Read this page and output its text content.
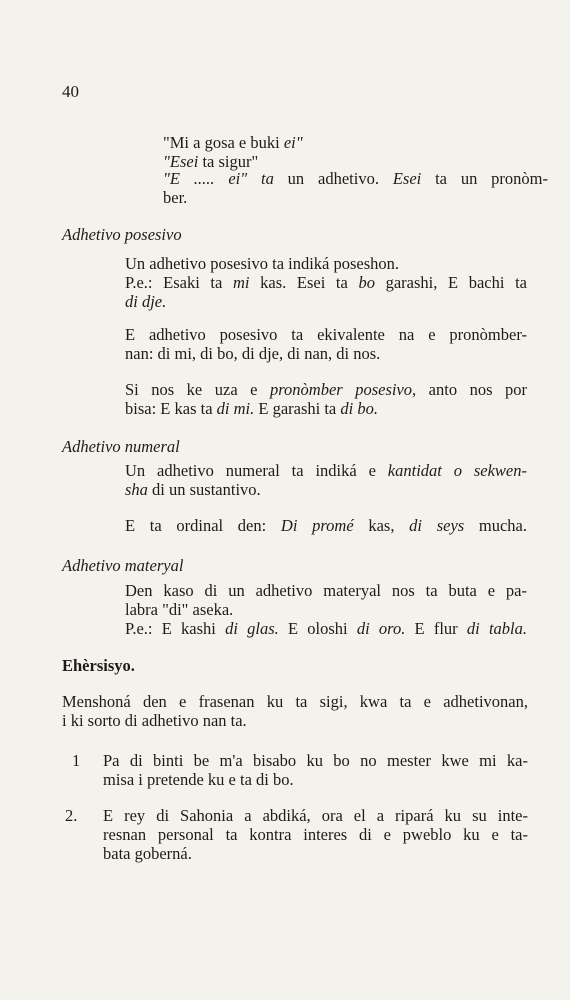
40
"Mi a gosa e buki ei"
"Esei ta sigur"
"E ..... ei" ta un adhetivo. Esei ta un pronòm-
ber.
Adhetivo posesivo
Un adhetivo posesivo ta indiká poseshon.
P.e.: Esaki ta mi kas. Esei ta bo garashi, E bachi ta
di dje.
E adhetivo posesivo ta ekivalente na e pronòmber-
nan: di mi, di bo, di dje, di nan, di nos.
Si nos ke uza e pronòmber posesivo, anto nos por
bisa: E kas ta di mi. E garashi ta di bo.
Adhetivo numeral
Un adhetivo numeral ta indiká e kantidat o sekwen-
sha di un sustantivo.
E ta ordinal den: Di promé kas, di seys mucha.
Adhetivo materyal
Den kaso di un adhetivo materyal nos ta buta e pa-
labra "di" aseka.
P.e.: E kashi di glas. E oloshi di oro. E flur di tabla.
Ehèrsisyo.
Menshoná den e frasenan ku ta sigi, kwa ta e adhetivonan,
i ki sorto di adhetivo nan ta.
1 Pa di binti be m'a bisabo ku bo no mester kwe mi ka-
misa i pretende ku e ta di bo.
2. E rey di Sahonia a abdiká, ora el a ripará ku su inte-
resnan personal ta kontra interes di e pweblo ku e ta-
bata goberná.
